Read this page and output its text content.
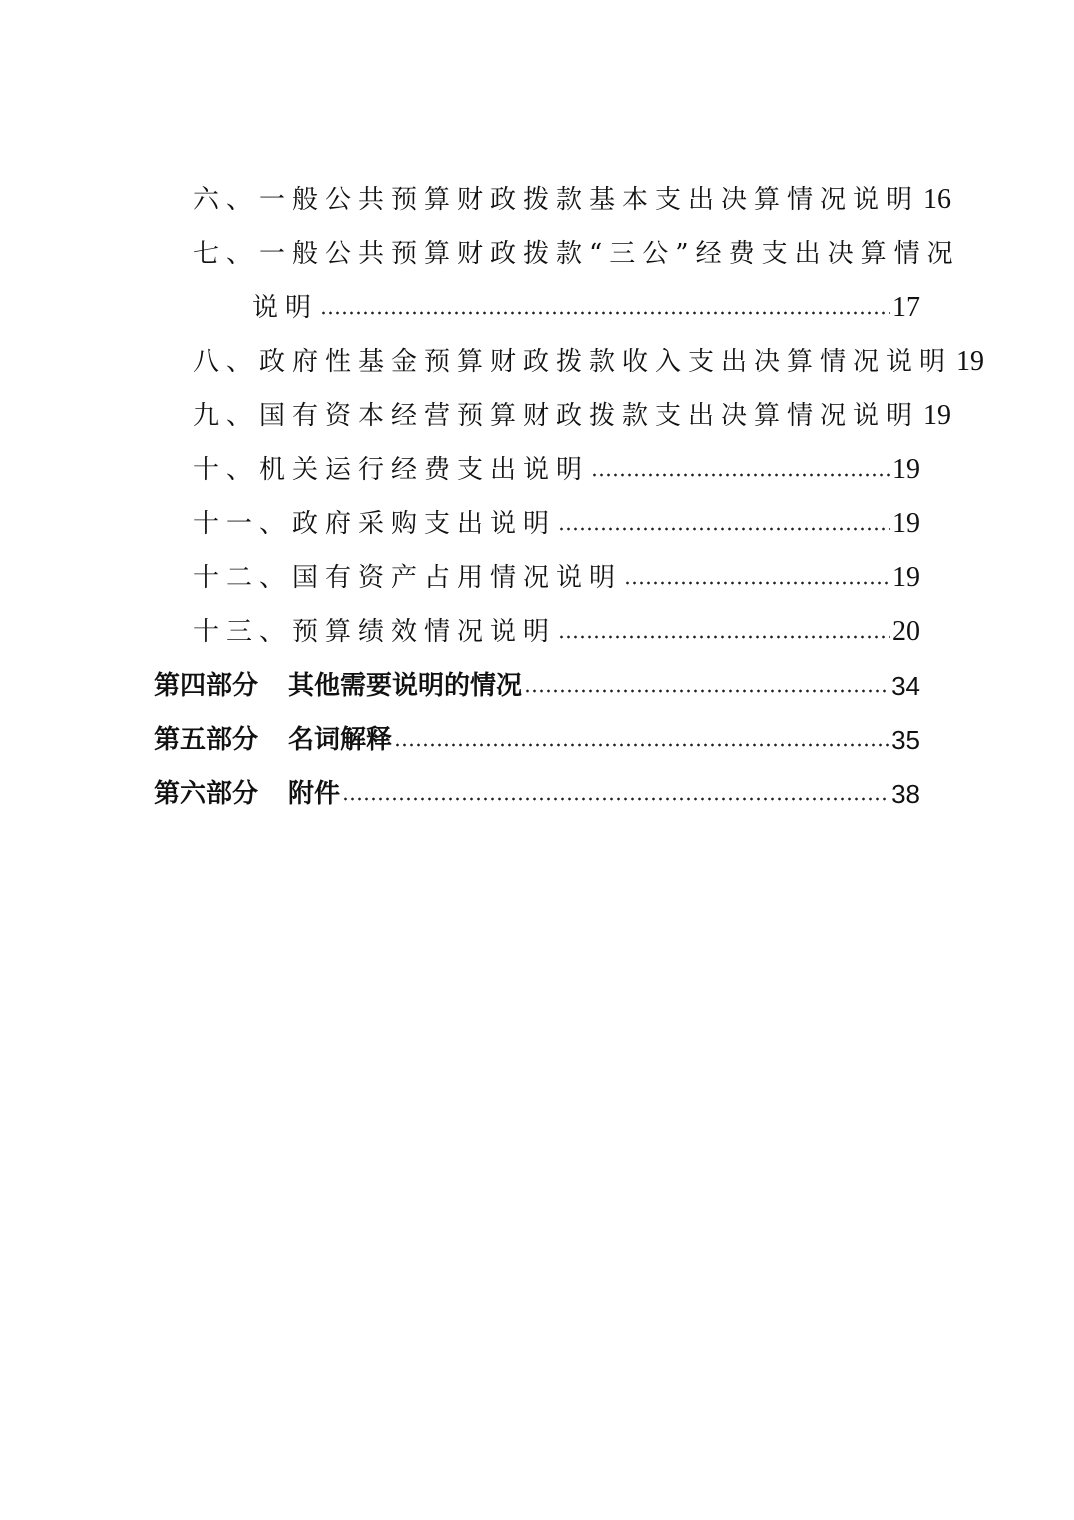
六、一般公共预算财政拨款基本支出决算情况说明 16
七、一般公共预算财政拨款“三公”经费支出决算情况
说明	17
八、政府性基金预算财政拨款收入支出决算情况说明 19
九、国有资本经营预算财政拨款支出决算情况说明 19
十、机关运行经费支出说明	19
十一、政府采购支出说明	19
十二、国有资产占用情况说明	19
十三、预算绩效情况说明	20
第四部分 其他需要说明的情况	34
第五部分 名词解释	35
第六部分 附件	38
